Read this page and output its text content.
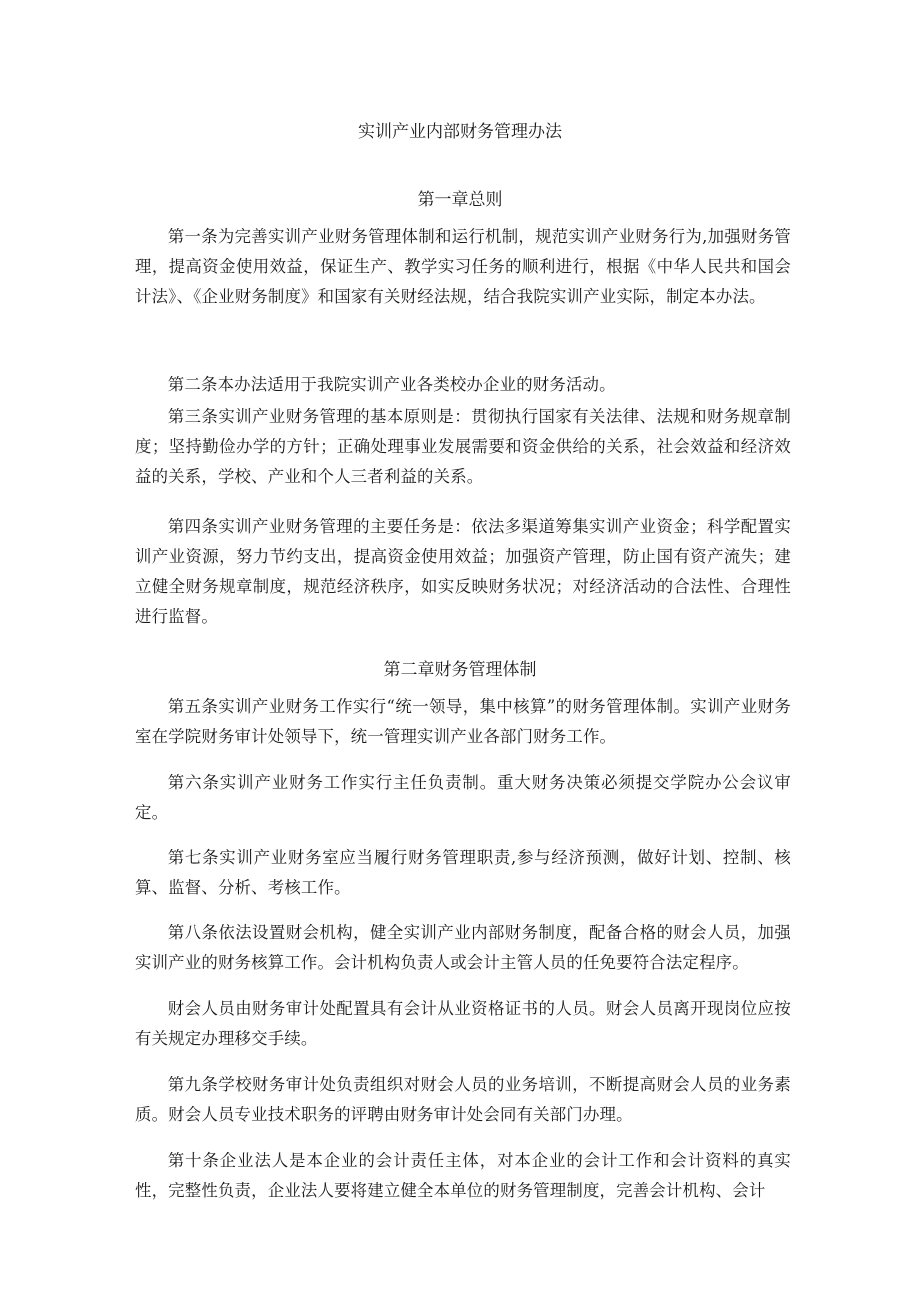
实训产业内部财务管理办法
第一章总则

第一条为完善实训产业财务管理体制和运行机制，规范实训产业财务行为,加强财务管理，提高资金使用效益，保证生产、教学实习任务的顺利进行，根据《中华人民共和国会计法》、《企业财务制度》和国家有关财经法规，结合我院实训产业实际，制定本办法。

第二条本办法适用于我院实训产业各类校办企业的财务活动。

第三条实训产业财务管理的基本原则是：贯彻执行国家有关法律、法规和财务规章制度；坚持勤俭办学的方针；正确处理事业发展需要和资金供给的关系，社会效益和经济效益的关系，学校、产业和个人三者利益的关系。

第四条实训产业财务管理的主要任务是：依法多渠道筹集实训产业资金；科学配置实训产业资源，努力节约支出，提高资金使用效益；加强资产管理，防止国有资产流失；建立健全财务规章制度，规范经济秩序，如实反映财务状况；对经济活动的合法性、合理性进行监督。

第二章财务管理体制

第五条实训产业财务工作实行“统一领导，集中核算”的财务管理体制。实训产业财务室在学院财务审计处领导下，统一管理实训产业各部门财务工作。

第六条实训产业财务工作实行主任负责制。重大财务决策必须提交学院办公会议审定。

第七条实训产业财务室应当履行财务管理职责,参与经济预测，做好计划、控制、核算、监督、分析、考核工作。

第八条依法设置财会机构，健全实训产业内部财务制度，配备合格的财会人员，加强实训产业的财务核算工作。会计机构负责人或会计主管人员的任免要符合法定程序。

财会人员由财务审计处配置具有会计从业资格证书的人员。财会人员离开现岗位应按有关规定办理移交手续。

第九条学校财务审计处负责组织对财会人员的业务培训，不断提高财会人员的业务素质。财会人员专业技术职务的评聘由财务审计处会同有关部门办理。

第十条企业法人是本企业的会计责任主体，对本企业的会计工作和会计资料的真实性，完整性负责，企业法人要将建立健全本单位的财务管理制度，完善会计机构、会计
